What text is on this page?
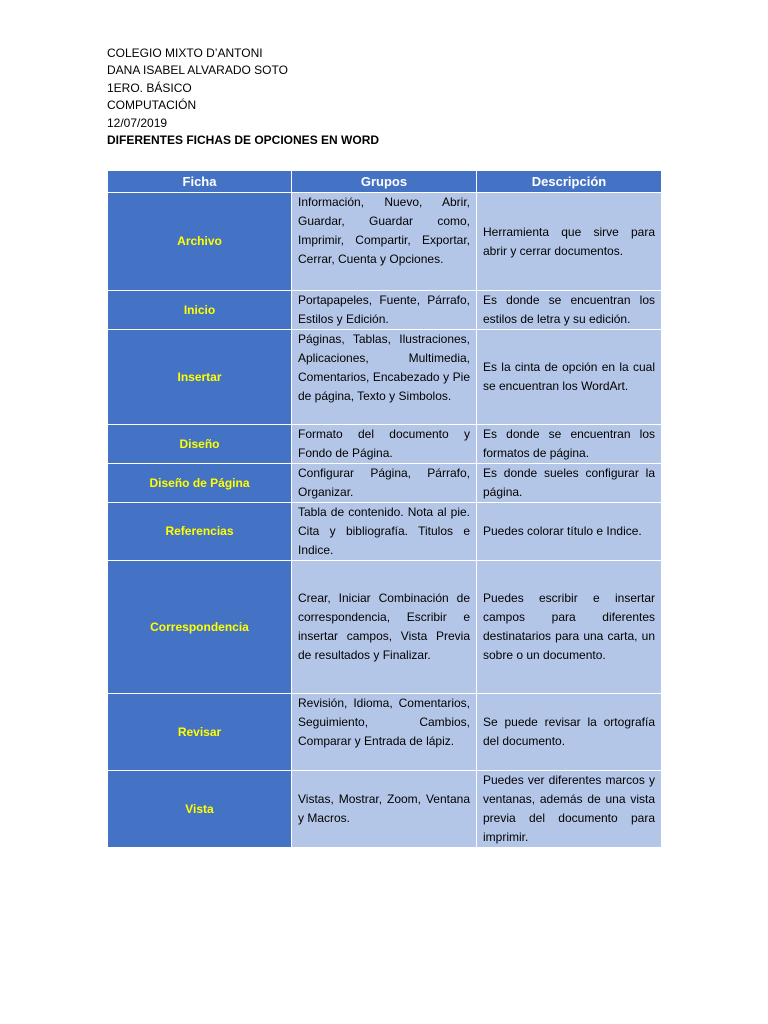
COLEGIO MIXTO D’ANTONI
DANA ISABEL ALVARADO SOTO
1ERO. BÁSICO
COMPUTACIÓN
12/07/2019
DIFERENTES FICHAS DE OPCIONES EN WORD
Ficha	Grupos	Descripción
Archivo	Información, Nuevo, Abrir, Guardar, Guardar como, Imprimir, Compartir, Exportar, Cerrar, Cuenta y Opciones.	Herramienta que sirve para abrir y cerrar documentos.
Inicio	Portapapeles, Fuente, Párrafo, Estilos y Edición.	Es donde se encuentran los estilos de letra y su edición.
Insertar	Páginas, Tablas, Ilustraciones, Aplicaciones, Multimedia, Comentarios, Encabezado y Pie de página, Texto y Simbolos.	Es la cinta de opción en la cual se encuentran los WordArt.
Diseño	Formato del documento y Fondo de Página.	Es donde se encuentran los formatos de página.
Diseño de Página	Configurar Página, Párrafo, Organizar.	Es donde sueles configurar la página.
Referencias	Tabla de contenido. Nota al pie. Cita y bibliografía. Titulos e Indice.	Puedes colorar título e Indice.
Correspondencia	Crear, Iniciar Combinación de correspondencia, Escribir e insertar campos, Vista Previa de resultados y Finalizar.	Puedes escribir e insertar campos para diferentes destinatarios para una carta, un sobre o un documento.
Revisar	Revisión, Idioma, Comentarios, Seguimiento, Cambios, Comparar y Entrada de lápiz.	Se puede revisar la ortografía del documento.
Vista	Vistas, Mostrar, Zoom, Ventana y Macros.	Puedes ver diferentes marcos y ventanas, además de una vista previa del documento para imprimir.
